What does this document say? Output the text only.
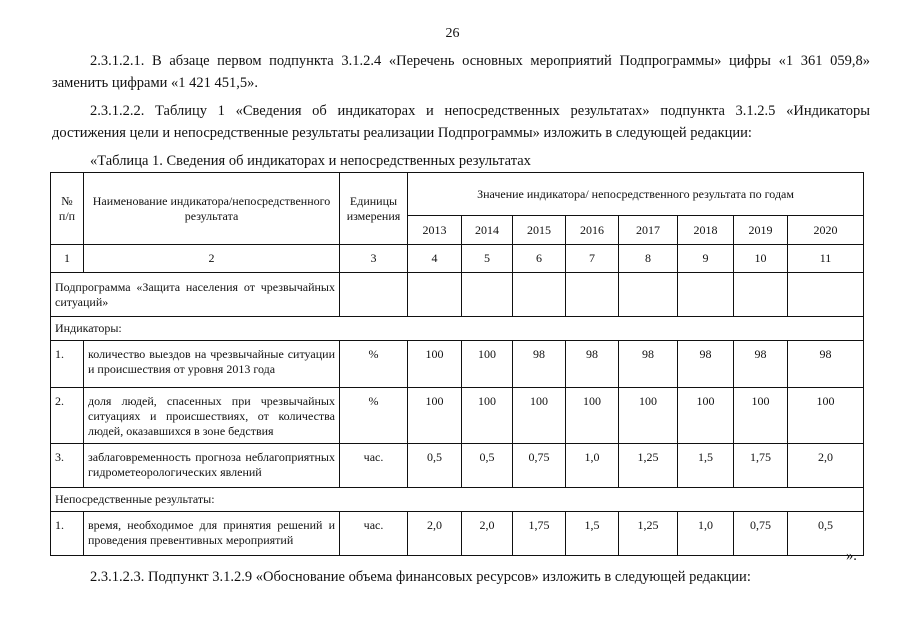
26
2.3.1.2.1. В абзаце первом подпункта 3.1.2.4 «Перечень основных мероприятий Подпрограммы» цифры «1 361 059,8» заменить цифрами «1 421 451,5».
2.3.1.2.2. Таблицу 1 «Сведения об индикаторах и непосредственных результатах» подпункта 3.1.2.5 «Индикаторы достижения цели и непосредственные результаты реализации Подпрограммы» изложить в следующей редакции:
«Таблица 1. Сведения об индикаторах и непосредственных результатах
№ п/п	Наименование индикатора/непосредственного результата	Единицы измерения	Значение индикатора/ непосредственного результата по годам							
			2013	2014	2015	2016	2017	2018	2019	2020
1	2	3	4	5	6	7	8	9	10	11
Подпрограмма «Защита населения от чрезвычайных ситуаций»										
Индикаторы:										
1.	количество выездов на чрезвычайные ситуации и происшествия от уровня 2013 года	%	100	100	98	98	98	98	98	98
2.	доля людей, спасенных при чрезвычайных ситуациях и происшествиях, от количества людей, оказавшихся в зоне бедствия	%	100	100	100	100	100	100	100	100
3.	заблаговременность прогноза неблагоприятных гидрометеорологических явлений	час.	0,5	0,5	0,75	1,0	1,25	1,5	1,75	2,0
Непосредственные результаты:										
1.	время, необходимое для принятия решений и проведения превентивных мероприятий	час.	2,0	2,0	1,75	1,5	1,25	1,0	0,75	0,5
».
2.3.1.2.3. Подпункт 3.1.2.9 «Обоснование объема финансовых ресурсов» изложить в следующей редакции:
